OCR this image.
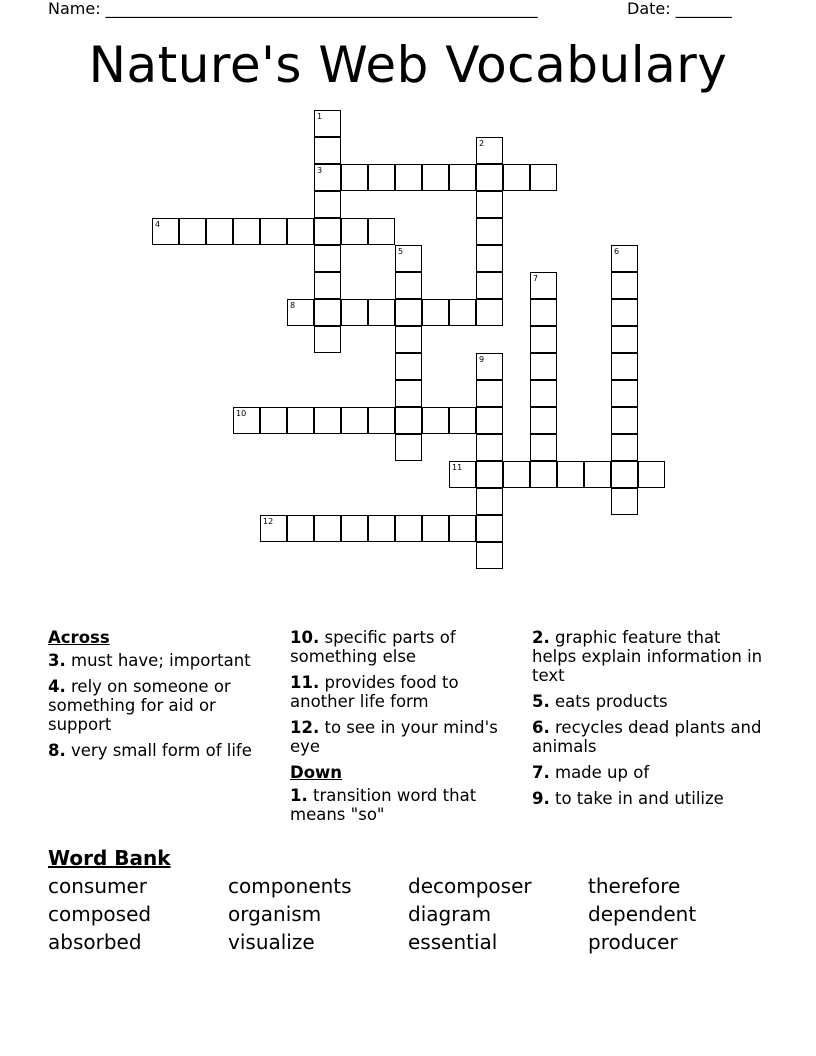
Name: ______________________________________________________	Date: _______
Nature's Web Vocabulary
3
4
8
10
11
12
1
2
5	6
7
9
Across
3. must have; important
4. rely on someone or something for aid or support
8. very small form of life
10. specific parts of something else
11. provides food to another life form
12. to see in your mind's eye
Down
1. transition word that means "so"
2. graphic feature that helps explain information in text
5. eats products
6. recycles dead plants and animals
7. made up of
9. to take in and utilize
Word Bank
consumer	components	decomposer	therefore
composed	organism	diagram	dependent
absorbed	visualize	essential	producer
